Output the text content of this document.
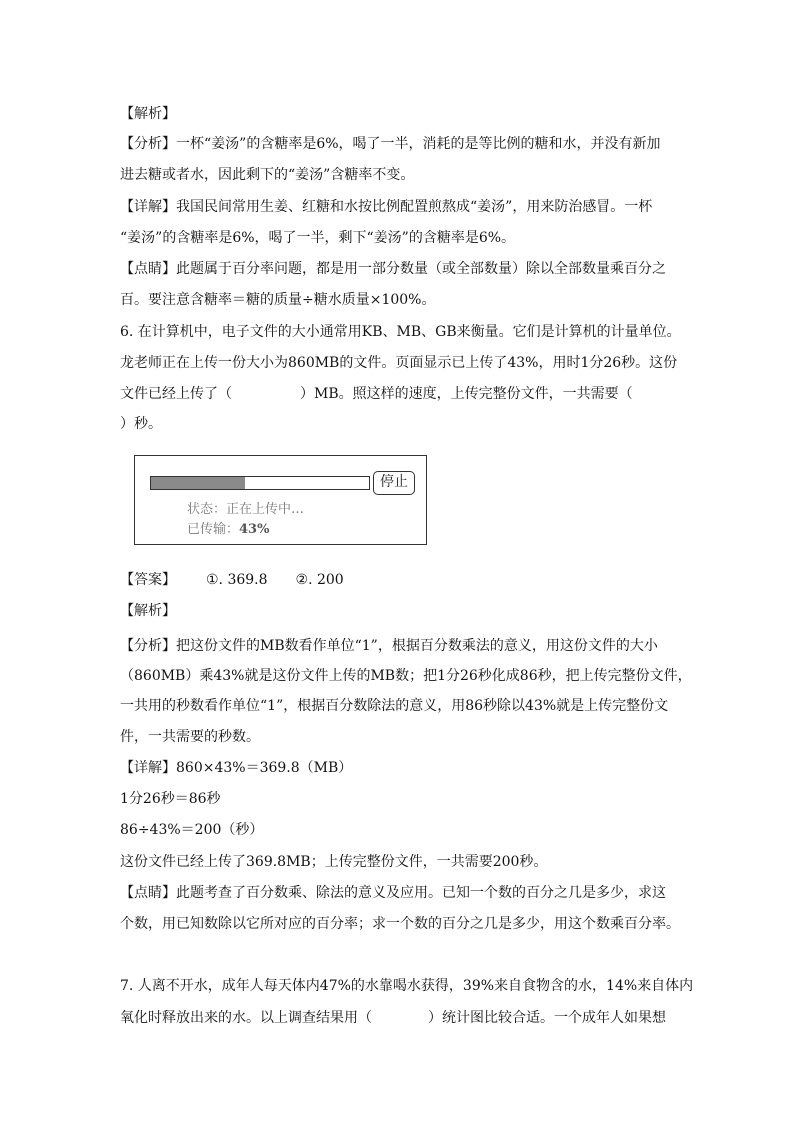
【解析】
【分析】一杯“姜汤”的含糖率是6%，喝了一半，消耗的是等比例的糖和水，并没有新加
进去糖或者水，因此剩下的“姜汤”含糖率不变。
【详解】我国民间常用生姜、红糖和水按比例配置煎熬成“姜汤”，用来防治感冒。一杯
“姜汤”的含糖率是6%，喝了一半，剩下“姜汤”的含糖率是6%。
【点睛】此题属于百分率问题，都是用一部分数量（或全部数量）除以全部数量乘百分之
百。要注意含糖率＝糖的质量÷糖水质量×100%。
6. 在计算机中，电子文件的大小通常用KB、MB、GB来衡量。它们是计算机的计量单位。
龙老师正在上传一份大小为860MB的文件。页面显示已上传了43%，用时1分26秒。这份
文件已经上传了（	）MB。照这样的速度，上传完整份文件，一共需要（
）秒。
停止
状态：正在上传中…
已传输：43%
【答案】 ①. 369.8 ②. 200
【解析】
【分析】把这份文件的MB数看作单位“1”，根据百分数乘法的意义，用这份文件的大小
（860MB）乘43%就是这份文件上传的MB数；把1分26秒化成86秒，把上传完整份文件，
一共用的秒数看作单位“1”，根据百分数除法的意义，用86秒除以43%就是上传完整份文
件，一共需要的秒数。
【详解】860×43%＝369.8（MB）
1分26秒＝86秒
86÷43%＝200（秒）
这份文件已经上传了369.8MB；上传完整份文件，一共需要200秒。
【点睛】此题考查了百分数乘、除法的意义及应用。已知一个数的百分之几是多少，求这
个数，用已知数除以它所对应的百分率；求一个数的百分之几是多少，用这个数乘百分率。
7. 人离不开水，成年人每天体内47%的水靠喝水获得，39%来自食物含的水，14%来自体内
氧化时释放出来的水。以上调查结果用（	）统计图比较合适。一个成年人如果想
